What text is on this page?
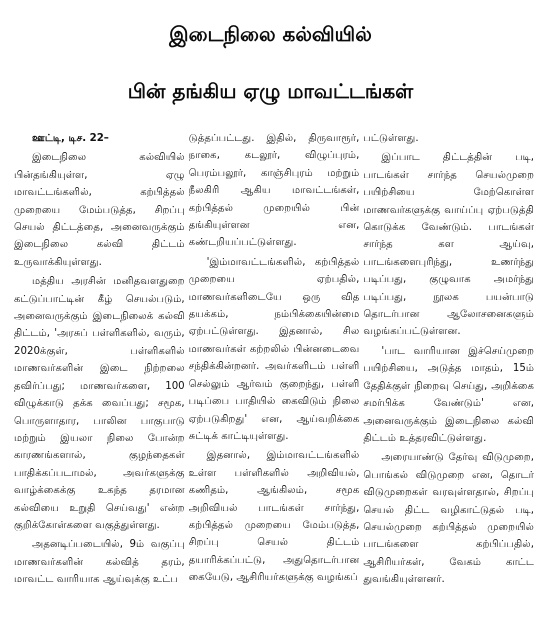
இடைநிலை கல்வியில்
பின் தங்கிய ஏழு மாவட்டங்கள்

ஊட்டி, டிச. 22–

இடைநிலை கல்வியில் பின்தங்கியுள்ள, ஏழு மாவட்டங்களில், கற்பித்தல் முறையை மேம்படுத்த, சிறப்பு செயல் திட்டத்தை, அனைவருக்கும் இடைநிலை கல்வி திட்டம் உருவாக்கியுள்ளது.

மத்திய அரசின் மனிதவளதுறை கட்டுப்பாட்டின் கீழ் செயல்படும், அனைவருக்கும் இடைநிலைக் கல்வி திட்டம், 'அரசுப் பள்ளிகளில், வரும், 2020க்குள், பள்ளிகளில் மாணவர்களின் இடை நிற்றலை தவிர்ப்பது; மாணவர்களை, 100 விழுக்காடு தக்க வைப்பது; சமூக, பொருளாதார, பாலின பாகுபாடு மற்றும் இயலா நிலை போன்ற காரணங்களால், குழந்தைகள் பாதிக்கப்படாமல், அவர்களுக்கு வாழ்க்கைக்கு உகந்த தரமான கல்வியை உறுதி செய்வது' என்ற குறிக்கோள்களை வகுத்துள்ளது.

அதனடிப்படையில், 9ம் வகுப்பு மாணவர்களின் கல்வித் தரம், மாவட்ட வாரியாக ஆய்வுக்கு உட்ப

டுத்தப்பட்டது. இதில், திருவாரூர், நாகை, கடலூர், விழுப்புரம், பெரம்பலூர், காஞ்சிபுரம் மற்றும் நீலகிரி ஆகிய மாவட்டங்கள், கற்பித்தல் முறையில் பின் தங்கியுள்ளன என, கண்டறியப்பட்டுள்ளது.

'இம்மாவட்டங்களில், கற்பித்தல் முறையை ஏற்பதில், மாணவர்களிடையே ஒரு வித தயக்கம், நம்பிக்கையின்மை ஏற்பட்டுள்ளது. இதனால், சில மாணவர்கள் கற்றலில் பின்னடைவை சந்திக்கின்றனர். அவர்களிடம் பள்ளி செல்லும் ஆர்வம் குறைந்து, பள்ளி படிப்பை பாதியில் கைவிடும் நிலை ஏற்படுகிறது' என, ஆய்வறிக்கை சுட்டிக் காட்டியுள்ளது.

இதனால், இம்மாவட்டங்களில் உள்ள பள்ளிகளில் அறிவியல், கணிதம், ஆங்கிலம், சமூக அறிவியல் பாடங்கள் சார்ந்து, கற்பித்தல் முறையை மேம்படுத்த, சிறப்பு செயல் திட்டம் தயாரிக்கப்பட்டு, அதுதொடர்பான கையேடு, ஆசிரியர்களுக்கு வழங்கப்

பட்டுள்ளது.

இப்பாட திட்டத்தின் படி, பாடங்கள் சார்ந்த செயல்முறை பயிற்சியை மேற்கொள்ள மாணவர்களுக்கு வாய்ப்பு ஏற்படுத்தி கொடுக்க வேண்டும். பாடங்கள் சார்ந்த கள ஆய்வு, பாடங்களைபுரிந்து, உணர்ந்து படிப்பது, குழுவாக அமர்ந்து படிப்பது, நூலக பயன்பாடு தொடர்பான ஆலோசனைகளும் வழங்கப்பட்டுள்ளன.

'பாட வாரியான இச்செய்முறை பயிற்சியை, அடுத்த மாதம், 15ம் தேதிக்குள் நிறைவு செய்து, அறிக்கை சமர்பிக்க வேண்டும்' என, அனைவருக்கும் இடைநிலை கல்வி திட்டம் உத்தரவிட்டுள்ளது.

அரையாண்டு தேர்வு விடுமுறை, பொங்கல் விடுமுறை என, தொடர் விடுமுறைகள் வரவுள்ளதால், சிறப்பு செயல் திட்ட வழிகாட்டுதல் படி, செயல்முறை கற்பித்தல் முறையில் பாடங்களை கற்பிப்பதில், ஆசிரியர்கள், வேகம் காட்ட துவங்கியுள்ளனர்.
